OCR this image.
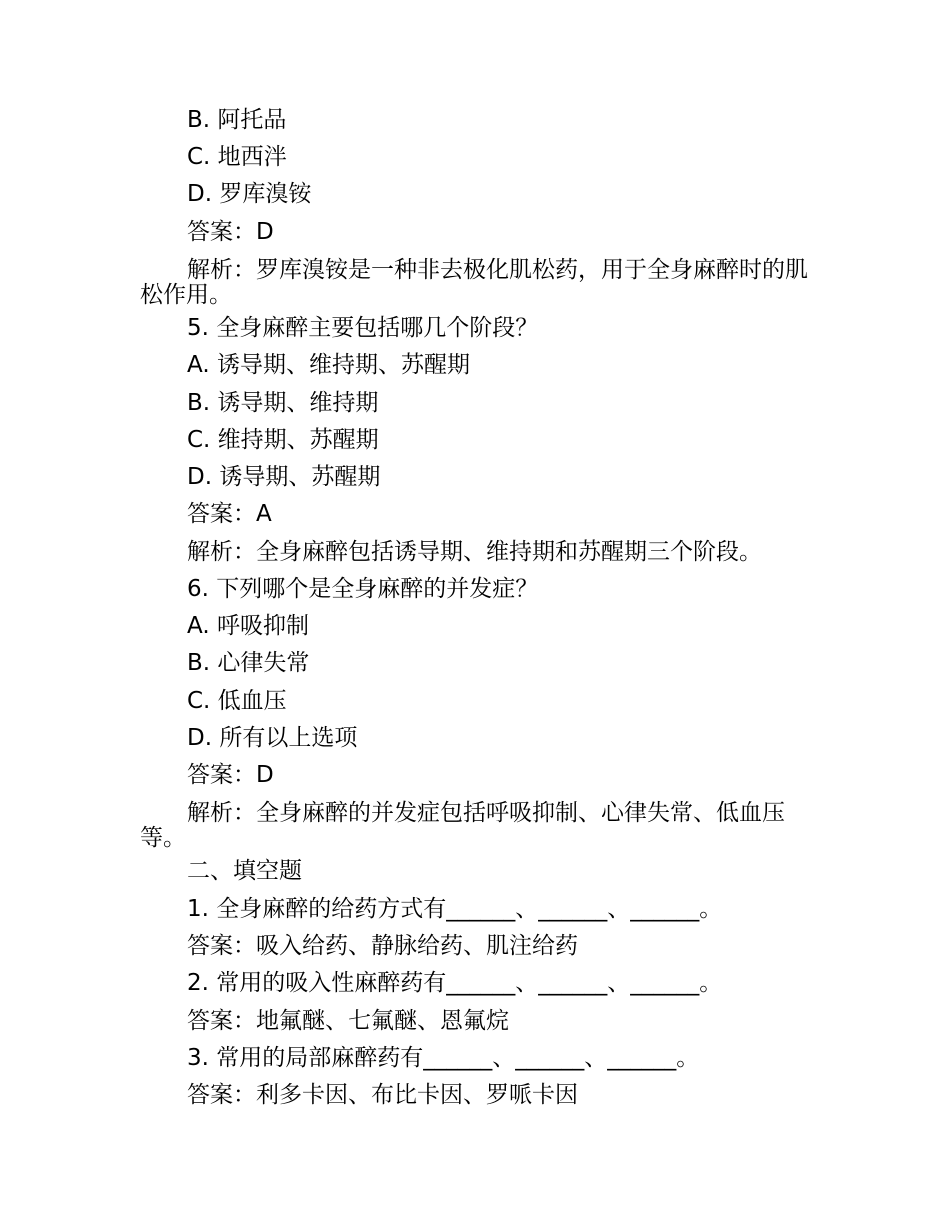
B. 阿托品
C. 地西泮
D. 罗库溴铵
答案：D
解析：罗库溴铵是一种非去极化肌松药，用于全身麻醉时的肌松作用。
5. 全身麻醉主要包括哪几个阶段？
A. 诱导期、维持期、苏醒期
B. 诱导期、维持期
C. 维持期、苏醒期
D. 诱导期、苏醒期
答案：A
解析：全身麻醉包括诱导期、维持期和苏醒期三个阶段。
6. 下列哪个是全身麻醉的并发症？
A. 呼吸抑制
B. 心律失常
C. 低血压
D. 所有以上选项
答案：D
解析：全身麻醉的并发症包括呼吸抑制、心律失常、低血压等。
二、填空题
1. 全身麻醉的给药方式有______、______、______。
答案：吸入给药、静脉给药、肌注给药
2. 常用的吸入性麻醉药有______、______、______。
答案：地氟醚、七氟醚、恩氟烷
3. 常用的局部麻醉药有______、______、______。
答案：利多卡因、布比卡因、罗哌卡因
